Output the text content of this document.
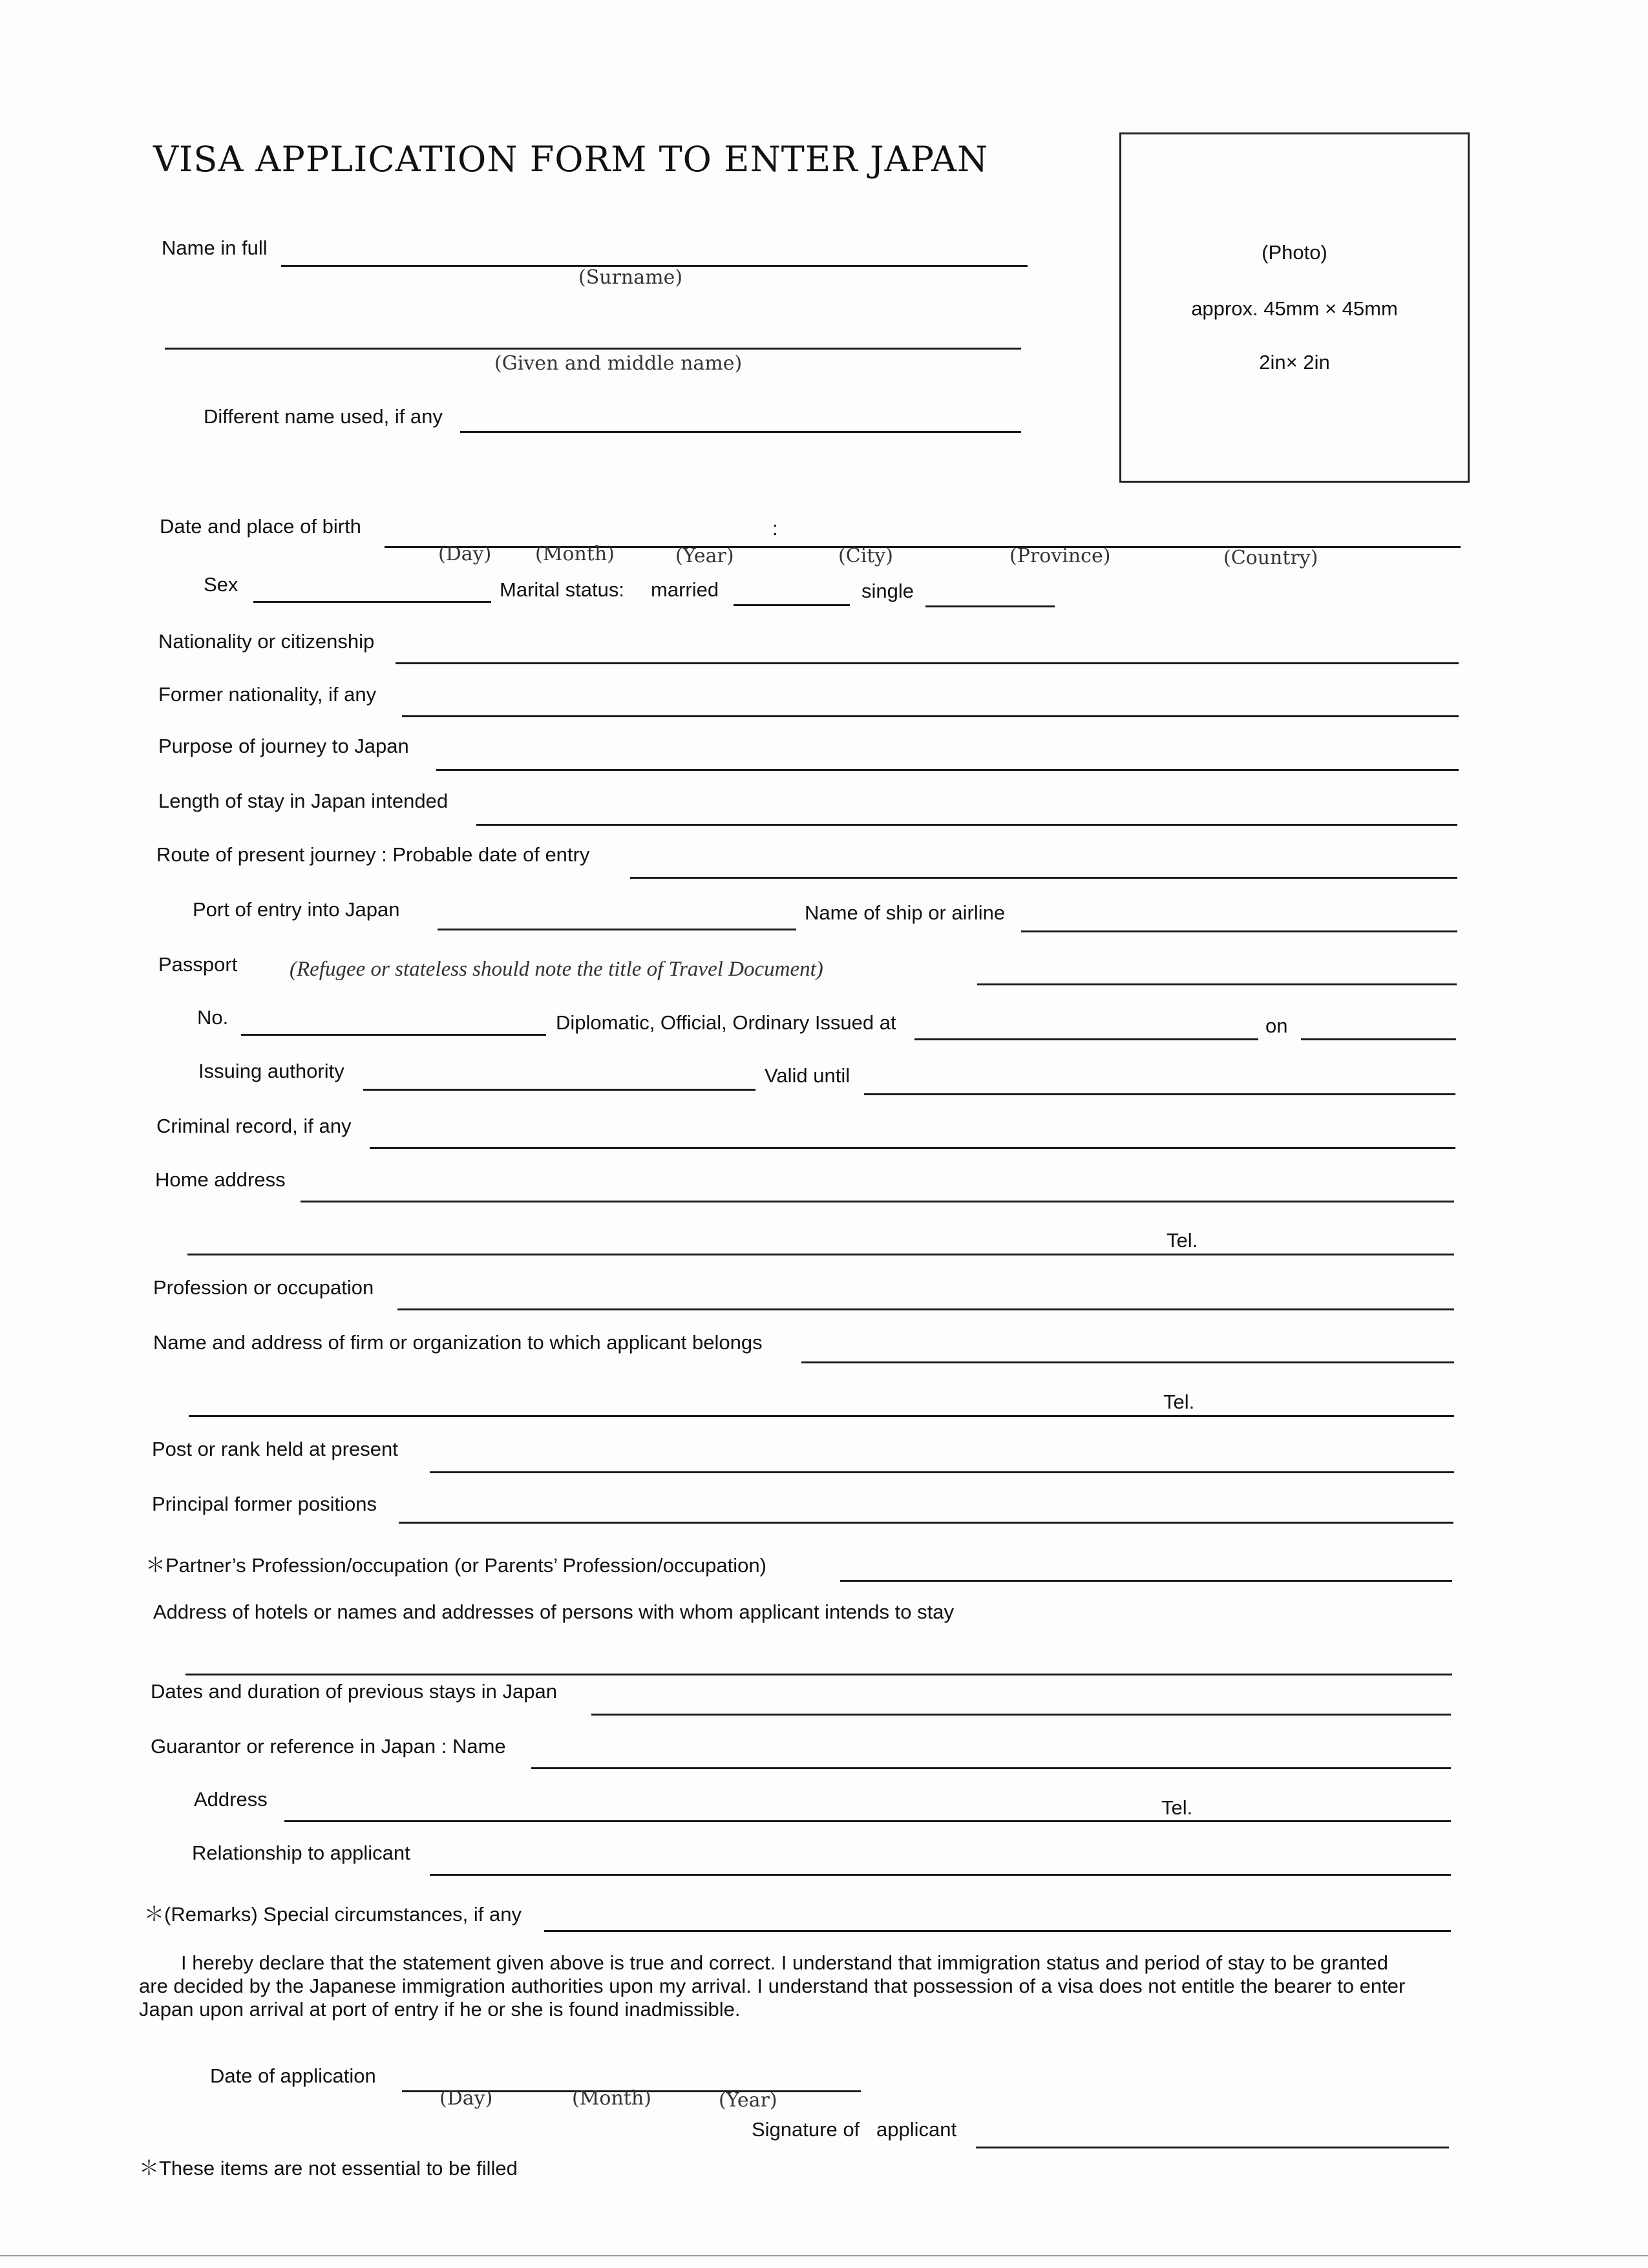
VISA APPLICATION FORM TO ENTER JAPAN
(Photo)
approx. 45mm × 45mm
2in× 2in
Name in full
(Surname)
(Given and middle name)
Different name used, if any
Date and place of birth	:
(Day) (Month)	(Year)	(City)	(Province)	(Country)
Sex	Marital status: married	single
Nationality or citizenship
Former nationality, if any
Purpose of journey to Japan
Length of stay in Japan intended
Route of present journey : Probable date of entry
Port of entry into Japan	Name of ship or airline
Passport (Refugee or stateless should note the title of Travel Document)
No.	Diplomatic, Official, Ordinary Issued at	on
Issuing authority	Valid until
Criminal record, if any
Home address
Tel.
Profession or occupation
Name and address of firm or organization to which applicant belongs
Tel.
Post or rank held at present
Principal former positions
＊Partner’s Profession/occupation (or Parents’ Profession/occupation)
Address of hotels or names and addresses of persons with whom applicant intends to stay
Dates and duration of previous stays in Japan
Guarantor or reference in Japan : Name
Address	Tel.
Relationship to applicant
＊(Remarks) Special circumstances, if any
I hereby declare that the statement given above is true and correct. I understand that immigration status and period of stay to be granted
are decided by the Japanese immigration authorities upon my arrival. I understand that possession of a visa does not entitle the bearer to enter
Japan upon arrival at port of entry if he or she is found inadmissible.
Date of application
(Day)	(Month)	(Year)
Signature of   applicant
＊These items are not essential to be filled
